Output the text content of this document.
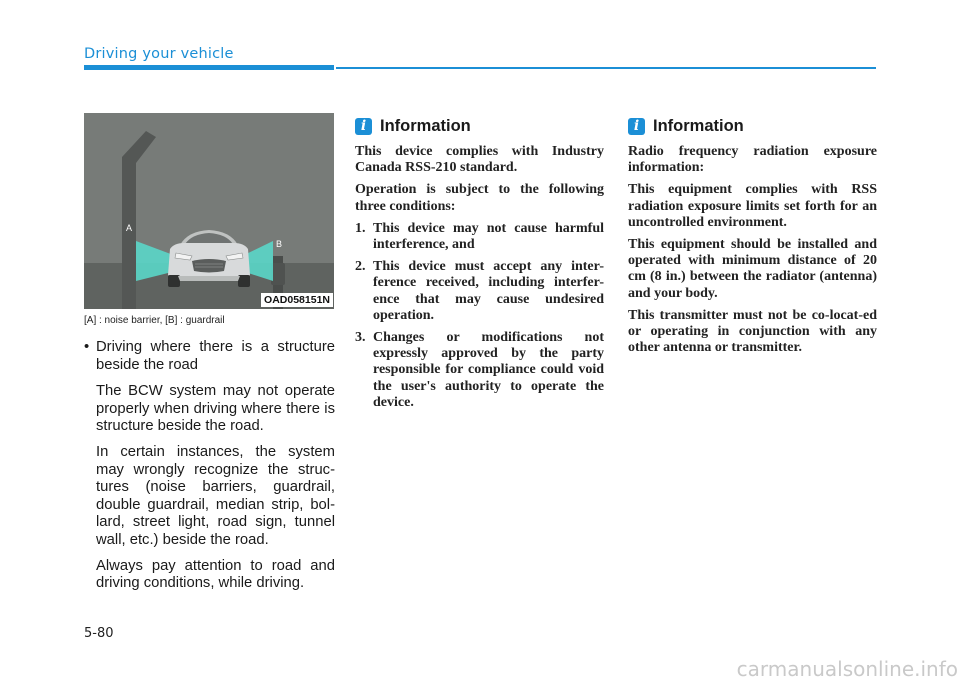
Driving your vehicle
A
B
OAD058151N
[A] : noise barrier, [B] : guardrail
• Driving where there is a structure beside the road

The BCW system may not operate properly when driving where there is structure beside the road.

In certain instances, the system may wrongly recognize the struc-tures (noise barriers, guardrail, double guardrail, median strip, bol-lard, street light, road sign, tunnel wall, etc.) beside the road.

Always pay attention to road and driving conditions, while driving.

i Information

This device complies with Industry Canada RSS-210 standard.

Operation is subject to the following three conditions:

1. This device may not cause harmful interference, and
2. This device must accept any inter-ference received, including interfer-ence that may cause undesired operation.
3. Changes or modifications not expressly approved by the party responsible for compliance could void the user's authority to operate the device.
i Information

Radio frequency radiation exposure information:

This equipment complies with RSS radiation exposure limits set forth for an uncontrolled environment.

This equipment should be installed and operated with minimum distance of 20 cm (8 in.) between the radiator (antenna) and your body.

This transmitter must not be co-locat-ed or operating in conjunction with any other antenna or transmitter.

5-80
carmanualsonline.info
